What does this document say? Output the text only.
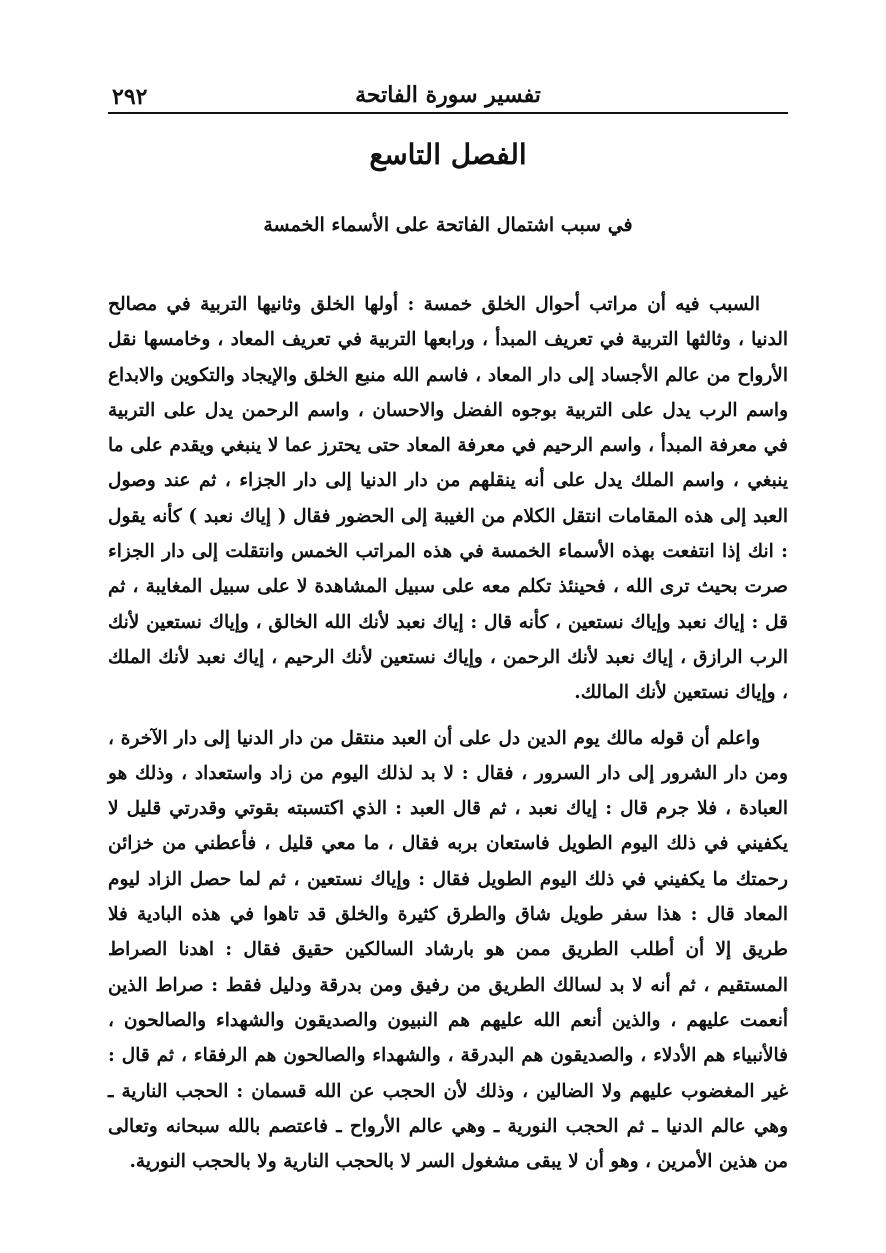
٢٩٢	تفسير سورة الفاتحة
الفصل التاسع
في سبب اشتمال الفاتحة على الأسماء الخمسة

السبب فيه أن مراتب أحوال الخلق خمسة : أولها الخلق وثانيها التربية في مصالح الدنيا ، وثالثها التربية في تعريف المبدأ ، ورابعها التربية في تعريف المعاد ، وخامسها نقل الأرواح من عالم الأجساد إلى دار المعاد ، فاسم الله منبع الخلق والإيجاد والتكوين والابداع واسم الرب يدل على التربية بوجوه الفضل والاحسان ، واسم الرحمن يدل على التربية في معرفة المبدأ ، واسم الرحيم في معرفة المعاد حتى يحترز عما لا ينبغي ويقدم على ما ينبغي ، واسم الملك يدل على أنه ينقلهم من دار الدنيا إلى دار الجزاء ، ثم عند وصول العبد إلى هذه المقامات انتقل الكلام من الغيبة إلى الحضور فقال ( إياك نعبد ) كأنه يقول : انك إذا انتفعت بهذه الأسماء الخمسة في هذه المراتب الخمس وانتقلت إلى دار الجزاء صرت بحيث ترى الله ، فحينئذ تكلم معه على سبيل المشاهدة لا على سبيل المغايبة ، ثم قل : إياك نعبد وإياك نستعين ، كأنه قال : إياك نعبد لأنك الله الخالق ، وإياك نستعين لأنك الرب الرازق ، إياك نعبد لأنك الرحمن ، وإياك نستعين لأنك الرحيم ، إياك نعبد لأنك الملك ، وإياك نستعين لأنك المالك.

واعلم أن قوله مالك يوم الدين دل على أن العبد منتقل من دار الدنيا إلى دار الآخرة ، ومن دار الشرور إلى دار السرور ، فقال : لا بد لذلك اليوم من زاد واستعداد ، وذلك هو العبادة ، فلا جرم قال : إياك نعبد ، ثم قال العبد : الذي اكتسبته بقوتي وقدرتي قليل لا يكفيني في ذلك اليوم الطويل فاستعان بربه فقال ، ما معي قليل ، فأعطني من خزائن رحمتك ما يكفيني في ذلك اليوم الطويل فقال : وإياك نستعين ، ثم لما حصل الزاد ليوم المعاد قال : هذا سفر طويل شاق والطرق كثيرة والخلق قد تاهوا في هذه البادية فلا طريق إلا أن أطلب الطريق ممن هو بارشاد السالكين حقيق فقال : اهدنا الصراط المستقيم ، ثم أنه لا بد لسالك الطريق من رفيق ومن بدرقة ودليل فقط : صراط الذين أنعمت عليهم ، والذين أنعم الله عليهم هم النبيون والصديقون والشهداء والصالحون ، فالأنبياء هم الأدلاء ، والصديقون هم البدرقة ، والشهداء والصالحون هم الرفقاء ، ثم قال : غير المغضوب عليهم ولا الضالين ، وذلك لأن الحجب عن الله قسمان : الحجب النارية ـ وهي عالم الدنيا ـ ثم الحجب النورية ـ وهي عالم الأرواح ـ فاعتصم بالله سبحانه وتعالى من هذين الأمرين ، وهو أن لا يبقى مشغول السر لا بالحجب النارية ولا بالحجب النورية.
